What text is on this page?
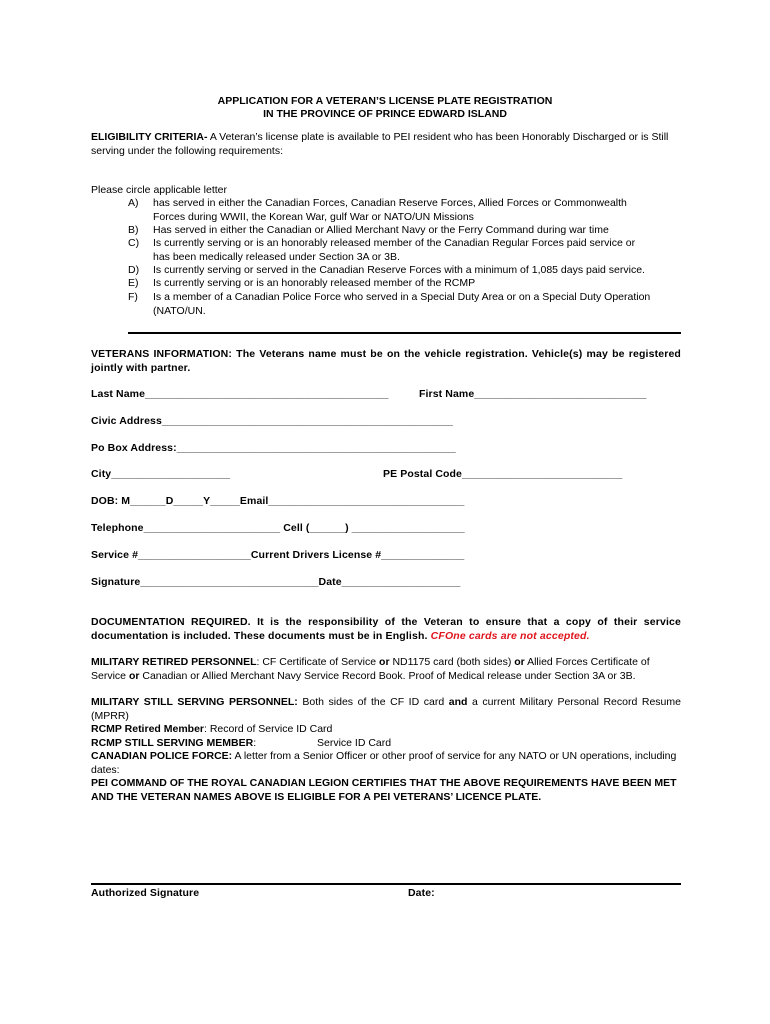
APPLICATION FOR A VETERAN’S LICENSE PLATE REGISTRATION
IN THE PROVINCE OF PRINCE EDWARD ISLAND
ELIGIBILITY CRITERIA- A Veteran’s license plate is available to PEI resident who has been Honorably Discharged or is Still serving under the following requirements:
Please circle applicable letter
A)	has served in either the Canadian Forces, Canadian Reserve Forces, Allied Forces or Commonwealth
Forces during WWII, the Korean War, gulf War or NATO/UN Missions
B)	Has served in either the Canadian or Allied Merchant Navy or the Ferry Command during war time
C)	Is currently serving or is an honorably released member of the Canadian Regular Forces paid service or
has been medically released under Section 3A or 3B.
D)	Is currently serving or served in the Canadian Reserve Forces with a minimum of 1,085 days paid service.
E)	Is currently serving or is an honorably released member of the RCMP
F)	Is a member of a Canadian Police Force who served in a Special Duty Area or on a Special Duty Operation
(NATO/UN.
VETERANS INFORMATION: The Veterans name must be on the vehicle registration. Vehicle(s) may be registered jointly with partner.
Last Name_________________________________________	First Name_____________________________
Civic Address_________________________________________________
Po Box Address:_______________________________________________
City____________________	PE Postal Code___________________________
DOB: M______D_____Y_____Email_________________________________
Telephone_______________________ Cell (______) ___________________
Service #___________________Current Drivers License #______________
Signature______________________________Date____________________
DOCUMENTATION REQUIRED. It is the responsibility of the Veteran to ensure that a copy of their service documentation is included. These documents must be in English. CFOne cards are not accepted.
MILITARY RETIRED PERSONNEL: CF Certificate of Service or ND1175 card (both sides) or Allied Forces Certificate of Service or Canadian or Allied Merchant Navy Service Record Book. Proof of Medical release under Section 3A or 3B.
MILITARY STILL SERVING PERSONNEL: Both sides of the CF ID card and a current Military Personal Record Resume (MPRR)
RCMP Retired Member: Record of Service ID Card
RCMP STILL SERVING MEMBER:	Service ID Card
CANADIAN POLICE FORCE: A letter from a Senior Officer or other proof of service for any NATO or UN operations, including dates:
PEI COMMAND OF THE ROYAL CANADIAN LEGION CERTIFIES THAT THE ABOVE REQUIREMENTS HAVE BEEN MET AND THE VETERAN NAMES ABOVE IS ELIGIBLE FOR A PEI VETERANS’ LICENCE PLATE.
Authorized Signature	Date:
